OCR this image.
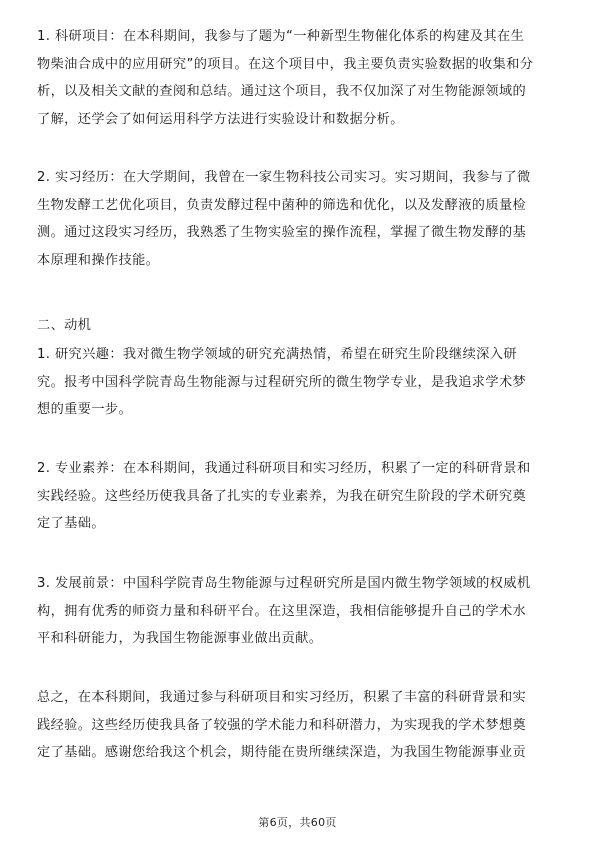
1. 科研项目：在本科期间，我参与了题为“一种新型生物催化体系的构建及其在生
物柴油合成中的应用研究”的项目。在这个项目中，我主要负责实验数据的收集和分
析，以及相关文献的查阅和总结。通过这个项目，我不仅加深了对生物能源领域的
了解，还学会了如何运用科学方法进行实验设计和数据分析。

2. 实习经历：在大学期间，我曾在一家生物科技公司实习。实习期间，我参与了微
生物发酵工艺优化项目，负责发酵过程中菌种的筛选和优化，以及发酵液的质量检
测。通过这段实习经历，我熟悉了生物实验室的操作流程，掌握了微生物发酵的基
本原理和操作技能。

二、动机

1. 研究兴趣：我对微生物学领域的研究充满热情，希望在研究生阶段继续深入研
究。报考中国科学院青岛生物能源与过程研究所的微生物学专业，是我追求学术梦
想的重要一步。

2. 专业素养：在本科期间，我通过科研项目和实习经历，积累了一定的科研背景和
实践经验。这些经历使我具备了扎实的专业素养，为我在研究生阶段的学术研究奠
定了基础。

3. 发展前景：中国科学院青岛生物能源与过程研究所是国内微生物学领域的权威机
构，拥有优秀的师资力量和科研平台。在这里深造，我相信能够提升自己的学术水
平和科研能力，为我国生物能源事业做出贡献。

总之，在本科期间，我通过参与科研项目和实习经历，积累了丰富的科研背景和实
践经验。这些经历使我具备了较强的学术能力和科研潜力，为实现我的学术梦想奠
定了基础。感谢您给我这个机会，期待能在贵所继续深造，为我国生物能源事业贡

第6页，共60页
